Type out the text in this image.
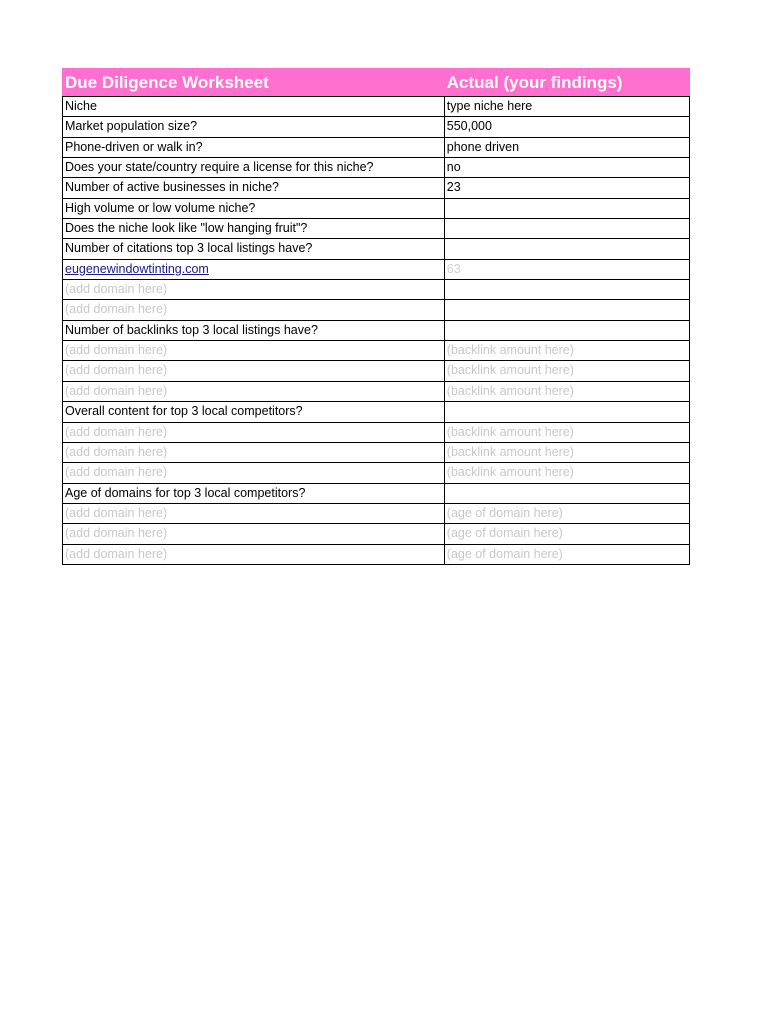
Due Diligence Worksheet	Actual (your findings)
Niche	type niche here
Market population size?	550,000
Phone-driven or walk in?	phone driven
Does your state/country require a license for this niche?	no
Number of active businesses in niche?	23
High volume or low volume niche?
Does the niche look like "low hanging fruit"?
Number of citations top 3 local listings have?
eugenewindowtinting.com	63
(add domain here)
(add domain here)
Number of backlinks top 3 local listings have?
(add domain here)	(backlink amount here)
(add domain here)	(backlink amount here)
(add domain here)	(backlink amount here)
Overall content for top 3 local competitors?
(add domain here)	(backlink amount here)
(add domain here)	(backlink amount here)
(add domain here)	(backlink amount here)
Age of domains for top 3 local competitors?
(add domain here)	(age of domain here)
(add domain here)	(age of domain here)
(add domain here)	(age of domain here)
